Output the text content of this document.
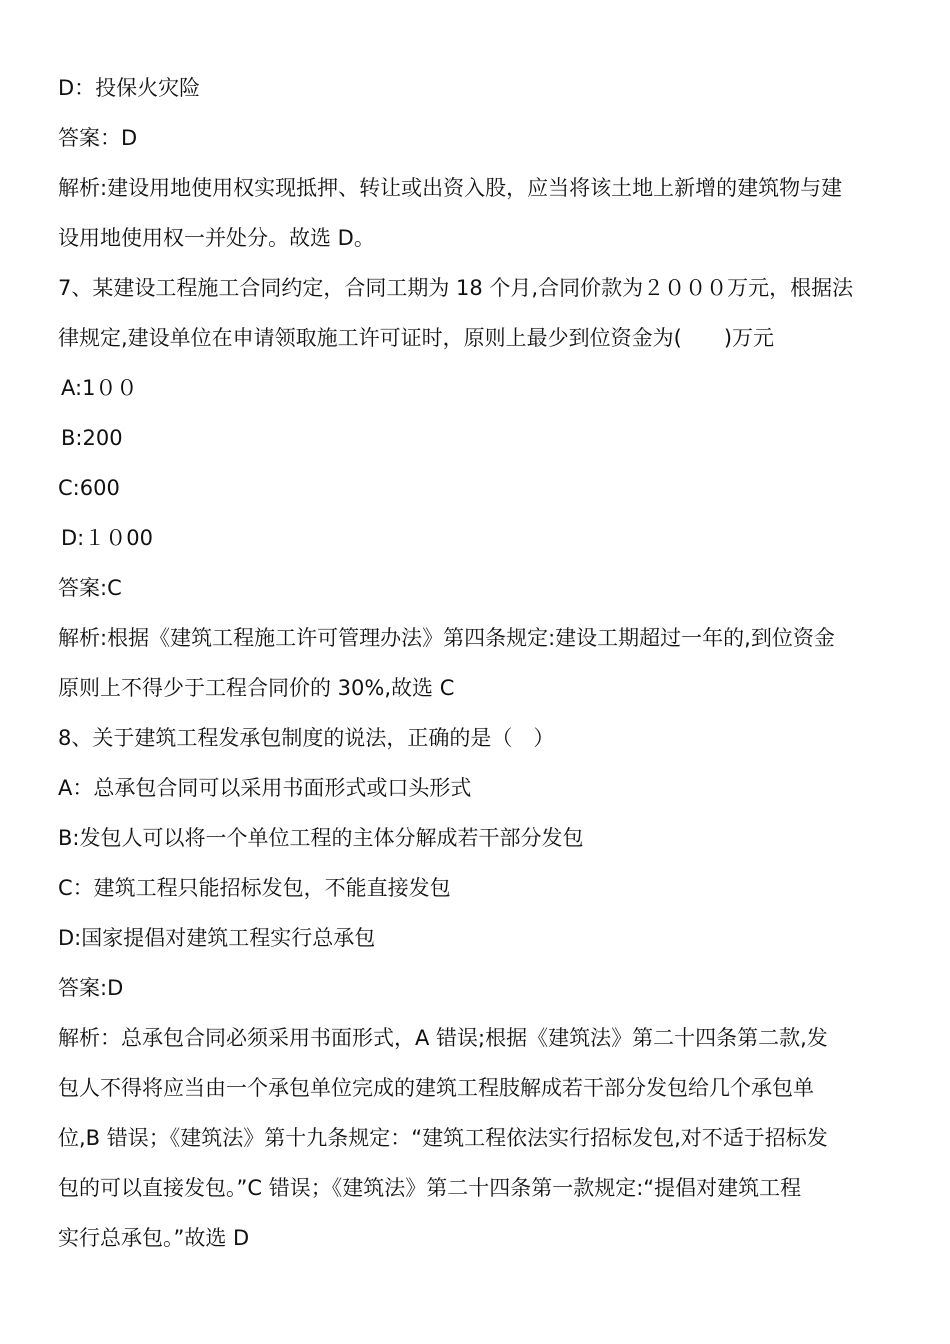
D：投保火灾险
答案：D
解析:建设用地使用权实现抵押、转让或出资入股，应当将该土地上新增的建筑物与建
设用地使用权一并处分。故选 D。
7、某建设工程施工合同约定，合同工期为 18 个月,合同价款为２０００万元，根据法
律规定,建设单位在申请领取施工许可证时，原则上最少到位资金为(　　)万元
A:1００
B:200
C:600
D:１０00
答案:C
解析:根据《建筑工程施工许可管理办法》第四条规定:建设工期超过一年的,到位资金
原则上不得少于工程合同价的 30%,故选 C
8、关于建筑工程发承包制度的说法，正确的是（　）
A：总承包合同可以采用书面形式或口头形式
B:发包人可以将一个单位工程的主体分解成若干部分发包
C：建筑工程只能招标发包，不能直接发包
D:国家提倡对建筑工程实行总承包
答案:D
解析：总承包合同必须采用书面形式，A 错误;根据《建筑法》第二十四条第二款,发
包人不得将应当由一个承包单位完成的建筑工程肢解成若干部分发包给几个承包单
位,B 错误；《建筑法》第十九条规定：“建筑工程依法实行招标发包,对不适于招标发
包的可以直接发包。”C 错误；《建筑法》第二十四条第一款规定:“提倡对建筑工程
实行总承包。”故选 D
